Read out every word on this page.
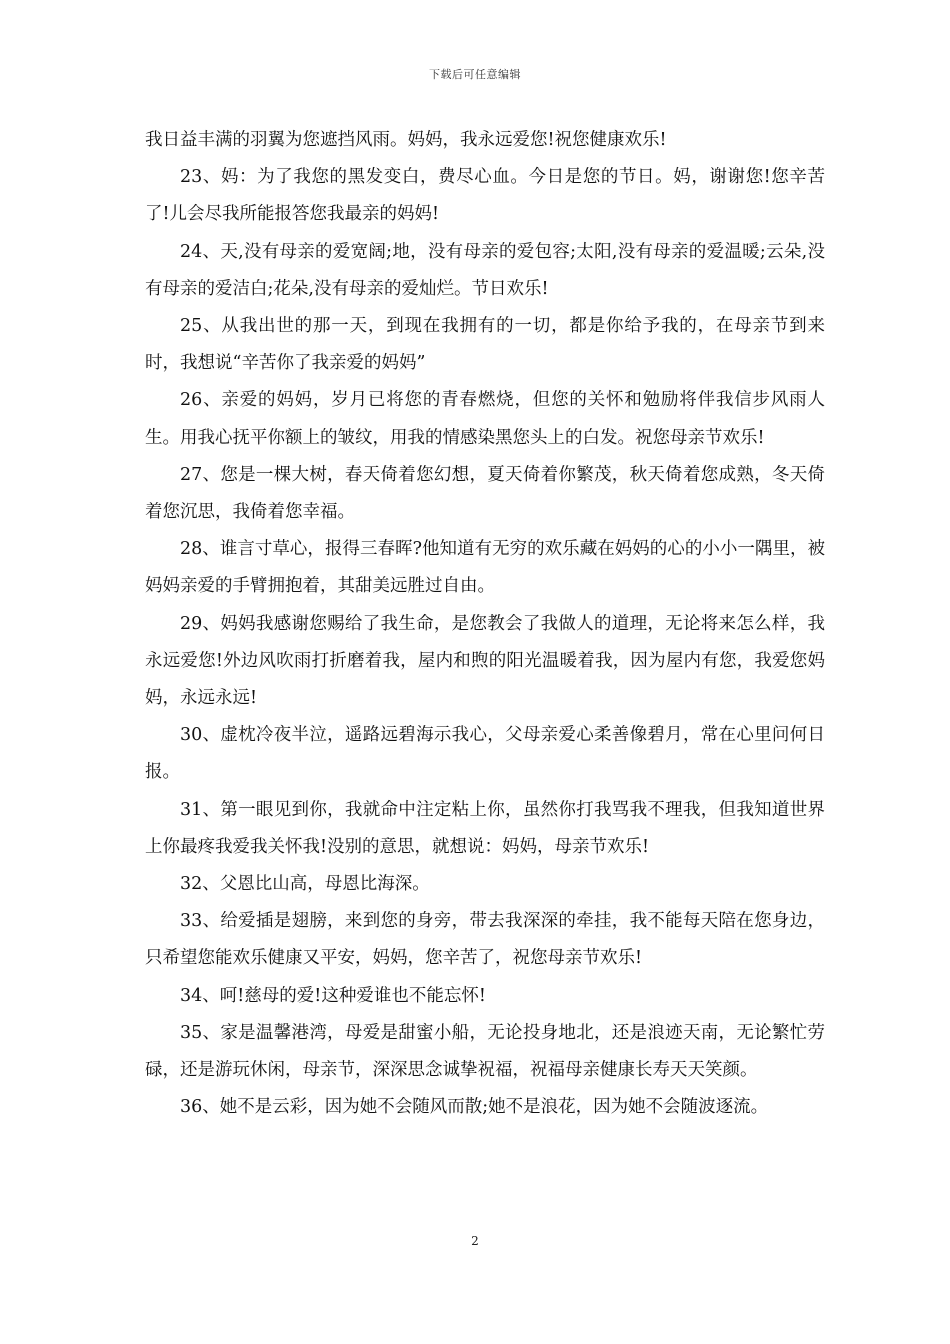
下载后可任意编辑

我日益丰满的羽翼为您遮挡风雨。妈妈，我永远爱您!祝您健康欢乐!

23、妈：为了我您的黑发变白，费尽心血。今日是您的节日。妈，谢谢您!您辛苦了!儿会尽我所能报答您我最亲的妈妈!

24、天,没有母亲的爱宽阔;地，没有母亲的爱包容;太阳,没有母亲的爱温暖;云朵,没有母亲的爱洁白;花朵,没有母亲的爱灿烂。节日欢乐!

25、从我出世的那一天，到现在我拥有的一切，都是你给予我的，在母亲节到来时，我想说“辛苦你了我亲爱的妈妈”

26、亲爱的妈妈，岁月已将您的青春燃烧，但您的关怀和勉励将伴我信步风雨人生。用我心抚平你额上的皱纹，用我的情感染黑您头上的白发。祝您母亲节欢乐!

27、您是一棵大树，春天倚着您幻想，夏天倚着你繁茂，秋天倚着您成熟，冬天倚着您沉思，我倚着您幸福。

28、谁言寸草心，报得三春晖?他知道有无穷的欢乐藏在妈妈的心的小小一隅里，被妈妈亲爱的手臂拥抱着，其甜美远胜过自由。

29、妈妈我感谢您赐给了我生命，是您教会了我做人的道理，无论将来怎么样，我永远爱您!外边风吹雨打折磨着我，屋内和煦的阳光温暖着我，因为屋内有您，我爱您妈妈，永远永远!

30、虚枕冷夜半泣，遥路远碧海示我心，父母亲爱心柔善像碧月，常在心里问何日报。

31、第一眼见到你，我就命中注定粘上你，虽然你打我骂我不理我，但我知道世界上你最疼我爱我关怀我!没别的意思，就想说：妈妈，母亲节欢乐!

32、父恩比山高，母恩比海深。

33、给爱插是翅膀，来到您的身旁，带去我深深的牵挂，我不能每天陪在您身边，只希望您能欢乐健康又平安，妈妈，您辛苦了，祝您母亲节欢乐!

34、呵!慈母的爱!这种爱谁也不能忘怀!

35、家是温馨港湾，母爱是甜蜜小船，无论投身地北，还是浪迹天南，无论繁忙劳碌，还是游玩休闲，母亲节，深深思念诚挚祝福，祝福母亲健康长寿天天笑颜。

36、她不是云彩，因为她不会随风而散;她不是浪花，因为她不会随波逐流。

2
